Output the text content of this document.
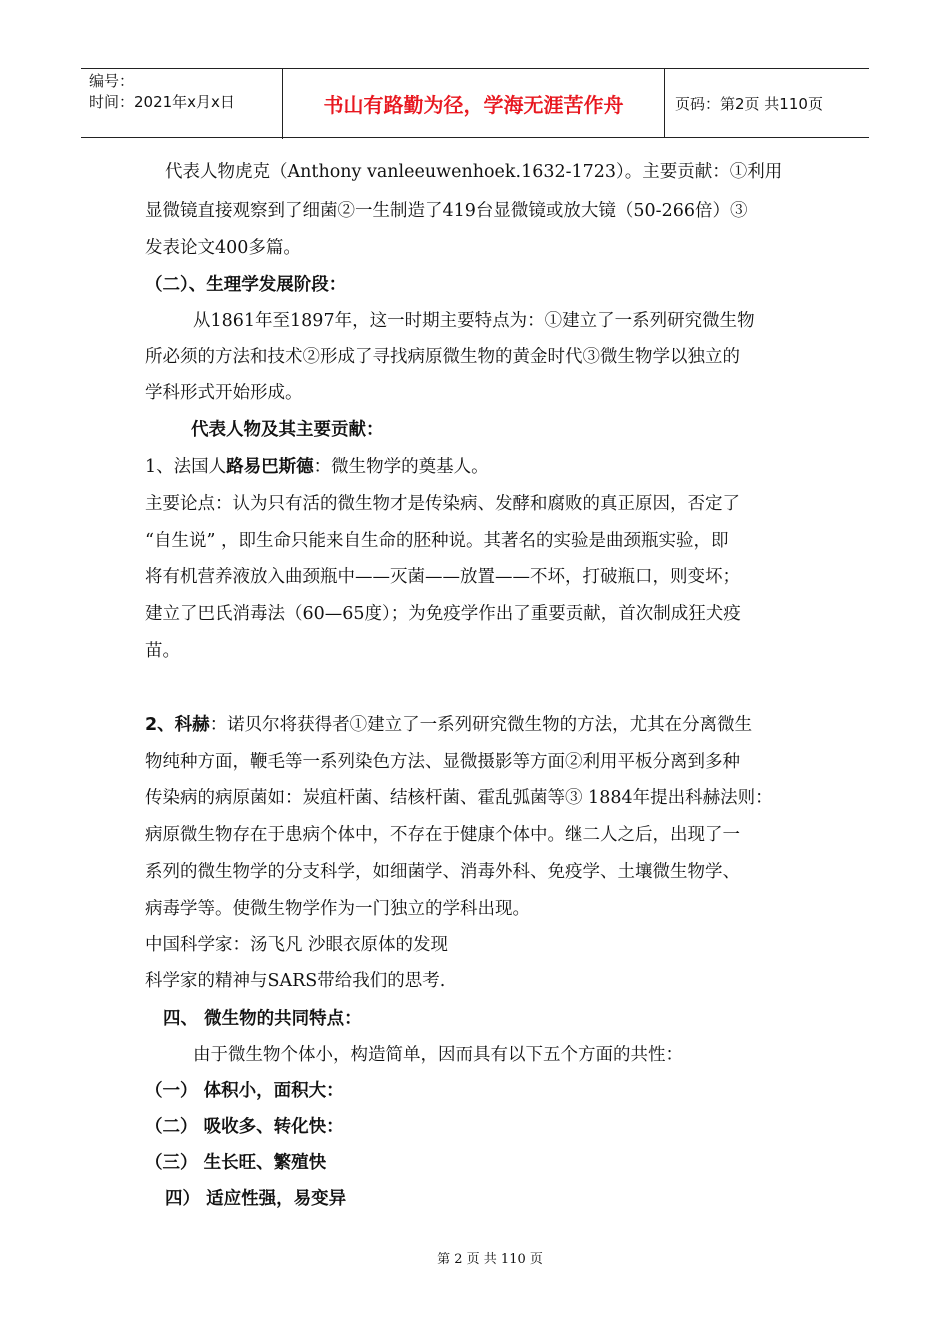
编号：
时间：2021年x月x日	书山有路勤为径，学海无涯苦作舟	页码：第2页 共110页
代表人物虎克（Anthony vanleeuwenhoek.1632-1723）。主要贡献：①利用
显微镜直接观察到了细菌②一生制造了419台显微镜或放大镜（50-266倍）③
发表论文400多篇。
（二）、生理学发展阶段：
从1861年至1897年，这一时期主要特点为：①建立了一系列研究微生物
所必须的方法和技术②形成了寻找病原微生物的黄金时代③微生物学以独立的
学科形式开始形成。
代表人物及其主要贡献：
1、法国人路易巴斯德：微生物学的奠基人。
主要论点：认为只有活的微生物才是传染病、发酵和腐败的真正原因，否定了
“自生说” ，即生命只能来自生命的胚种说。其著名的实验是曲颈瓶实验，即
将有机营养液放入曲颈瓶中——灭菌——放置——不坏，打破瓶口，则变坏；
建立了巴氏消毒法（60—65度）；为免疫学作出了重要贡献，首次制成狂犬疫
苗。
2、科赫：诺贝尔将获得者①建立了一系列研究微生物的方法，尤其在分离微生
物纯种方面，鞭毛等一系列染色方法、显微摄影等方面②利用平板分离到多种
传染病的病原菌如：炭疽杆菌、结核杆菌、霍乱弧菌等③ 1884年提出科赫法则：
病原微生物存在于患病个体中，不存在于健康个体中。继二人之后，出现了一
系列的微生物学的分支科学，如细菌学、消毒外科、免疫学、土壤微生物学、
病毒学等。使微生物学作为一门独立的学科出现。
中国科学家：汤飞凡 沙眼衣原体的发现
科学家的精神与SARS带给我们的思考.
四、 微生物的共同特点：
由于微生物个体小，构造简单，因而具有以下五个方面的共性：
（一） 体积小，面积大：
（二） 吸收多、转化快：
（三） 生长旺、繁殖快
四） 适应性强，易变异
第 2 页 共 110 页
